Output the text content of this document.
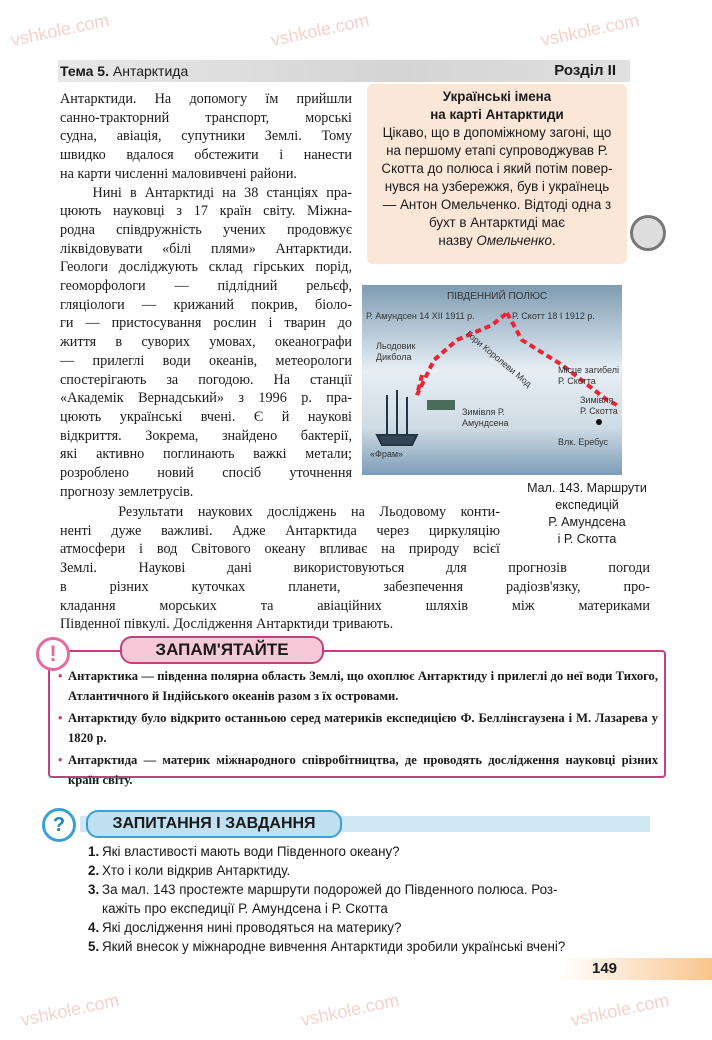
vshkole.com	vshkole.com	vshkole.com
vshkole.com	vshkole.com	vshkole.com
Тема 5. Антарктида	Розділ II
Антарктиди. На допомогу їм прийшли
санно-тракторний транспорт, морські
судна, авіація, супутники Землі. Тому
швидко вдалося обстежити і нанести
на карти численні маловивчені райони.
Нині в Антарктиді на 38 станціях пра-
цюють науковці з 17 країн світу. Міжна-
родна співдружність учених продовжує
ліквідовувати «білі плями» Антарктиди.
Геологи досліджують склад гірських порід,
геоморфологи — підлідний рельєф,
гляціологи — крижаний покрив, біоло-
ги — пристосування рослин і тварин до
життя в суворих умовах, океанографи
— прилеглі води океанів, метеорологи
спостерігають за погодою. На станції
«Академік Вернадський» з 1996 р. пра-
цюють українські вчені. Є й наукові
відкриття. Зокрема, знайдено бактерії,
які активно поглинають важкі метали;
розроблено новий спосіб уточнення
прогнозу землетрусів.
Результати наукових досліджень на Льодовому конти-
ненті дуже важливі. Адже Антарктида через циркуляцію
атмосфери і вод Світового океану впливає на природу всієї
Землі. Наукові дані використовуються для прогнозів погоди
в різних куточках планети, забезпечення радіозв'язку, про-
кладання морських та авіаційних шляхів між материками
Південної півкулі. Дослідження Антарктиди тривають.
Українські імена
на карті Антарктиди
Цікаво, що в допоміжному загоні, що
на першому етапі супроводжував Р.
Скотта до полюса і який потім повер-
нувся на узбережжя, був і українець
— Антон Омельченко. Відтоді одна з
бухт в Антарктиді має
назву Омельченко.
ПІВДЕННИЙ ПОЛЮС
Р. Амундсен 14 XII 1911 р.	Р. Скотт 18 I 1912 р.
Льодовик Дикбола	Гори Королеви Мод	Місце загибелі Р. Скотта
Зимівля Р. Амундсена
Зимівля Р. Скотта
Влк. Еребус
«Фрам»
Мал. 143. Маршрути
експедицій
Р. Амундсена
і Р. Скотта
• Антарктика — південна полярна область Землі, що охоплює Антарктиду і прилеглі до неї води Тихого, Атлантичного й Індійського океанів разом з їх островами.
• Антарктиду було відкрито останньою серед материків експедицією Ф. Беллінсгаузена і М. Лазарева у 1820 р.
• Антарктида — материк міжнародного співробітництва, де проводять дослідження науковці різних країн світу.
!	ЗАПАМ'ЯТАЙТЕ
?	ЗАПИТАННЯ І ЗАВДАННЯ
1. Які властивості мають води Південного океану?
2. Хто і коли відкрив Антарктиду.
3. За мал. 143 простежте маршрути подорожей до Південного полюса. Роз-
кажіть про експедиції Р. Амундсена і Р. Скотта
4. Які дослідження нині проводяться на материку?
5. Який внесок у міжнародне вивчення Антарктиди зробили українські вчені?
149
